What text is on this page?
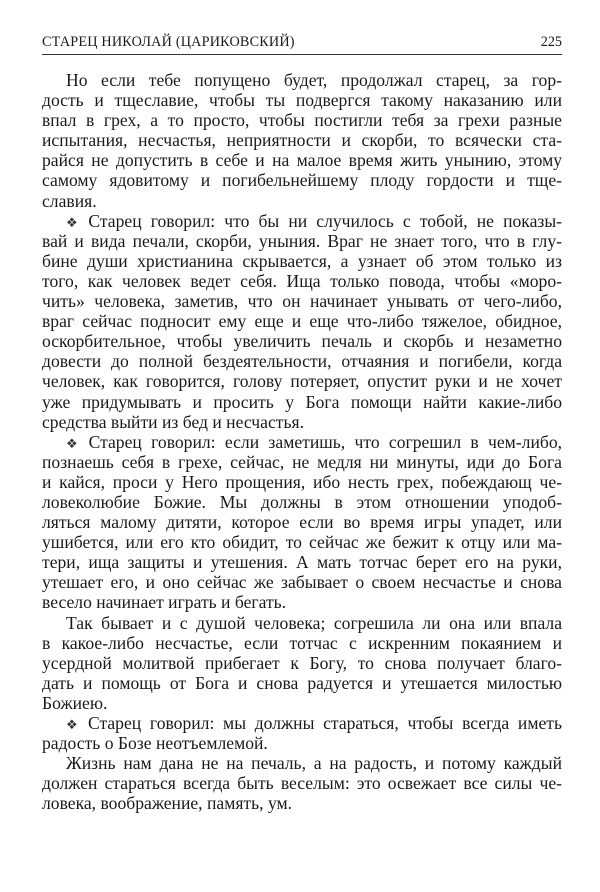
СТАРЕЦ НИКОЛАЙ (ЦАРИКОВСКИЙ)	225
Но если тебе попущено будет, продолжал старец, за гор-
дость и тщеславие, чтобы ты подвергся такому наказанию или
впал в грех, а то просто, чтобы постигли тебя за грехи разные
испытания, несчастья, неприятности и скорби, то всячески ста-
райся не допустить в себе и на малое время жить унынию, этому
самому ядовитому и погибельнейшему плоду гордости и тще-
славия.
❖ Старец говорил: что бы ни случилось с тобой, не показы-
вай и вида печали, скорби, уныния. Враг не знает того, что в глу-
бине души христианина скрывается, а узнает об этом только из
того, как человек ведет себя. Ища только повода, чтобы «моро-
чить» человека, заметив, что он начинает унывать от чего-либо,
враг сейчас подносит ему еще и еще что-либо тяжелое, обидное,
оскорбительное, чтобы увеличить печаль и скорбь и незаметно
довести до полной бездеятельности, отчаяния и погибели, когда
человек, как говорится, голову потеряет, опустит руки и не хочет
уже придумывать и просить у Бога помощи найти какие-либо
средства выйти из бед и несчастья.
❖ Старец говорил: если заметишь, что согрешил в чем-либо,
познаешь себя в грехе, сейчас, не медля ни минуты, иди до Бога
и кайся, проси у Него прощения, ибо несть грех, побеждающ че-
ловеколюбие Божие. Мы должны в этом отношении уподоб-
ляться малому дитяти, которое если во время игры упадет, или
ушибется, или его кто обидит, то сейчас же бежит к отцу или ма-
тери, ища защиты и утешения. А мать тотчас берет его на руки,
утешает его, и оно сейчас же забывает о своем несчастье и снова
весело начинает играть и бегать.
Так бывает и с душой человека; согрешила ли она или впала
в какое-либо несчастье, если тотчас с искренним покаянием и
усердной молитвой прибегает к Богу, то снова получает благо-
дать и помощь от Бога и снова радуется и утешается милостью
Божиею.
❖ Старец говорил: мы должны стараться, чтобы всегда иметь
радость о Бозе неотъемлемой.
Жизнь нам дана не на печаль, а на радость, и потому каждый
должен стараться всегда быть веселым: это освежает все силы че-
ловека, воображение, память, ум.
